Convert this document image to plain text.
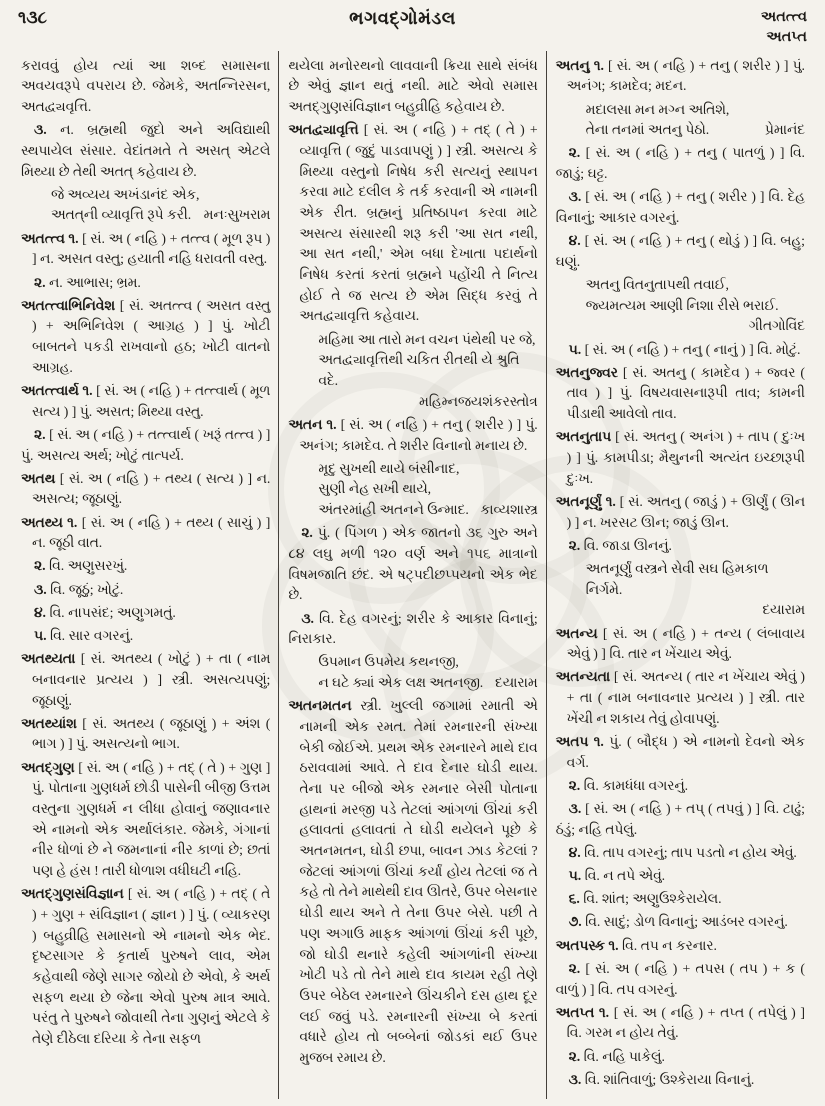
૧૩૮	ભગવદ્ગોમંડલ	અતત્ત્વ
અતપ્ત

કરાવવું હોય ત્યાં આ શબ્દ સમાસના અવયવરૂપે વપરાય છે. જેમકે, અતન્નિરસન, અતદ્વ્યવૃત્તિ.

૩. ન. બ્રહ્મથી જુદો અને અવિદ્યાથી સ્થપાયેલ સંસાર. વેદાંતમતે તે અસત્ એટલે મિથ્યા છે તેથી અતત્ કહેવાય છે.

જે અવ્યય અખંડાનંદ એક,
અતત્‌ની વ્યાવૃત્તિ રૂપે કરી. મનઃસુખરામ

અતત્ત્વ ૧. [ સં. અ ( નહિ ) + તત્ત્વ ( મૂળ રૂપ ) ] ન. અસત વસ્તુ; હયાતી નહિ ધરાવતી વસ્તુ.

૨. ન. આભાસ; ભ્રમ.

અતત્ત્વાભિનિવેશ [ સં. અતત્ત્વ ( અસત વસ્તુ ) + અભિનિવેશ ( આગ્રહ ) ] પું. ખોટી બાબતને પકડી રાખવાનો હઠ; ખોટી વાતનો આગ્રહ.

અતત્ત્વાર્થ ૧. [ સં. અ ( નહિ ) + તત્ત્વાર્થ ( મૂળ સત્ય ) ] પું. અસત; મિથ્યા વસ્તુ.

૨. [ સં. અ ( નહિ ) + તત્ત્વાર્થ ( ખરૂં તત્ત્વ ) ] પું. અસત્ય અર્થ; ખોટું તાત્પર્ય.

અતથ [ સં. અ ( નહિ ) + તથ્ય ( સત્ય ) ] ન. અસત્ય; જૂઠાણું.

અતથ્ય ૧. [ સં. અ ( નહિ ) + તથ્ય ( સાચું ) ] ન. જૂઠી વાત.

૨. વિ. અણુસરખું.

૩. વિ. જૂઠું; ખોટું.

૪. વિ. નાપસંદ; અણુગમતું.

૫. વિ. સાર વગરનું.

અતથ્યતા [ સં. અતથ્ય ( ખોટું ) + તા ( નામ બનાવનાર પ્રત્યય ) ] સ્ત્રી. અસત્યપણું; જૂઠાણું.

અતથ્યાંશ [ સં. અતથ્ય ( જૂઠાણું ) + અંશ ( ભાગ ) ] પું. અસત્યનો ભાગ.

અતદ્ગુણ [ સં. અ ( નહિ ) + તદ્ ( તે ) + ગુણ ] પું. પોતાના ગુણધર્મ છોડી પાસેની બીજી ઉત્તમ વસ્તુના ગુણધર્મ ન લીધા હોવાનું જણાવનાર એ નામનો એક અર્થાલંકાર. જેમકે, ગંગાનાં નીર ધોળાં છે ને જમનાનાં નીર કાળાં છે; છતાં પણ હે હંસ ! તારી ધોળાશ વધીઘટી નહિ.

અતદ્ગુણસંવિજ્ઞાન [ સં. અ ( નહિ ) + તદ્ ( તે ) + ગુણ + સંવિજ્ઞાન ( જ્ઞાન ) ] પું. ( વ્યાકરણ ) બહુવ્રીહિ સમાસનો એ નામનો એક ભેદ. દૃષ્ટસાગર કે કૃતાર્થ પુરુષને લાવ, એમ કહેવાથી જેણે સાગર જોયો છે એવો, કે અર્થ સફળ થયા છે જેના એવો પુરુષ માત્ર આવે. પરંતુ તે પુરુષને જોવાથી તેના ગુણનું એટલે કે તેણે દીઠેલા દરિયા કે તેના સફળ

થયેલા મનોરથનો લાવવાની ક્રિયા સાથે સંબંધ છે એવું જ્ઞાન થતું નથી. માટે એવો સમાસ અતદ્ગુણસંવિજ્ઞાન બહુવ્રીહિ કહેવાય છે.

અતદ્વ્યાવૃત્તિ [ સં. અ ( નહિ ) + તદ્ ( તે ) + વ્યાવૃત્તિ ( જુદું પાડવાપણું ) ] સ્ત્રી. અસત્ય કે મિથ્યા વસ્તુનો નિષેધ કરી સત્યનું સ્થાપન કરવા માટે દલીલ કે તર્ક કરવાની એ નામની એક રીત. બ્રહ્મનું પ્રતિષ્ઠાપન કરવા માટે અસત્ય સંસારથી શરૂ કરી 'આ સત નથી, આ સત નથી,' એમ બધા દેખાતા પદાર્થનો નિષેધ કરતાં કરતાં બ્રહ્મને પહોંચી તે નિત્ય હોઈ તે જ સત્ય છે એમ સિદ્ધ કરવું તે અતદ્વ્યાવૃત્તિ કહેવાય.

મહિમા આ તારો મન વચન પંથેથી પર જે,
અતદ્વ્યાવૃત્તિથી ચકિત રીતથી યે શ્રુતિ વદે.
મહિમ્નજયશંકરસ્તોત્ર

અતન ૧. [ સં. અ ( નહિ ) + તનુ ( શરીર ) ] પું. અનંગ; કામદેવ. તે શરીર વિનાનો મનાય છે.

મૃદુ સુખથી થાયે બંસીનાદ,
સુણી નેહ સખી થાયે,
અંતરમાંહી અતનને ઉન્માદ. કાવ્યશાસ્ત્ર

૨. પું. ( પિંગળ ) એક જાતનો ૩૬ ગુરુ અને ૮૪ લઘુ મળી ૧૨૦ વર્ણ અને ૧૫૬ માત્રાનો વિષમજાતિ છંદ. એ ષટ્પદીછપ્પયનો એક ભેદ છે.

૩. વિ. દેહ વગરનું; શરીર કે આકાર વિનાનું; નિરાકાર.

ઉપમાન ઉપમેય કથનજી,
ન ઘટે ક્યાં એક લક્ષ અતનજી. દયારામ

અતનમતન સ્ત્રી. ખુલ્લી જગામાં રમાતી એ નામની એક રમત. તેમાં રમનારની સંખ્યા બેકી જોઈએ. પ્રથમ એક રમનારને માથે દાવ ઠરાવવામાં આવે. તે દાવ દેનાર ઘોડી થાય. તેના પર બીજો એક રમનાર બેસી પોતાના હાથનાં મરજી પડે તેટલાં આંગળાં ઊંચાં કરી હલાવતાં હલાવતાં તે ઘોડી થયેલને પૂછે કે અતનમતન, ઘોડી છપા, બાવન ઝાડ કેટલાં ? જેટલાં આંગળાં ઊંચાં કર્યાં હોય તેટલાં જ તે કહે તો તેને માથેથી દાવ ઊતરે, ઉપર બેસનાર ઘોડી થાય અને તે તેના ઉપર બેસે. પછી તે પણ અગાઉ માફક આંગળાં ઊંચાં કરી પૂછે, જો ઘોડી થનારે કહેલી આંગળાંની સંખ્યા ખોટી પડે તો તેને માથે દાવ કાયમ રહી તેણે ઉપર બેઠેલ રમનારને ઊંચકીને દસ હાથ દૂર લઈ જવું પડે. રમનારની સંખ્યા બે કરતાં વધારે હોય તો બબ્બેનાં જોડકાં થઈ ઉપર મુજબ રમાય છે.

અતનુ ૧. [ સં. અ ( નહિ ) + તનુ ( શરીર ) ] પું. અનંગ; કામદેવ; મદન.

મદાલસા મન મગ્ન અતિશે,
તેના તનમાં અતનુ પેઠો.	પ્રેમાનંદ

૨. [ સં. અ ( નહિ ) + તનુ ( પાતળું ) ] વિ. જાડું; ઘટ્ટ.

૩. [ સં. અ ( નહિ ) + તનુ ( શરીર ) ] વિ. દેહ વિનાનું; આકાર વગરનું.

૪. [ સં. અ ( નહિ ) + તનુ ( થોડું ) ] વિ. બહુ; ઘણું.

અતનુ વિતનુતાપથી તવાઈ,
જ્યમત્યમ આણી નિશા રીસે ભરાઈ.
ગીતગોવિંદ

૫. [ સં. અ ( નહિ ) + તનુ ( નાનું ) ] વિ. મોટું.

અતનુજ્વર [ સં. અતનુ ( કામદેવ ) + જ્વર ( તાવ ) ] પું. વિષયવાસનારૂપી તાવ; કામની પીડાથી આવેલો તાવ.

અતનુતાપ [ સં. અતનુ ( અનંગ ) + તાપ ( દુઃખ ) ] પું. કામપીડા; મૈથુનની અત્યંત ઇચ્છારૂપી દુઃખ.

અતનૂર્ણું ૧. [ સં. અતનુ ( જાડું ) + ઊર્ણું ( ઊન ) ] ન. ખરસટ ઊન; જાડું ઊન.

૨. વિ. જાડા ઊનનું.

અતનૂર્ણું વસ્ત્રને સેવી સઘ હિમકાળ નિર્ગમે.
દયારામ

અતન્ય [ સં. અ ( નહિ ) + તન્ય ( લંબાવાય એવું ) ] વિ. તાર ન ખેંચાય એવું.

અતન્યતા [ સં. અતન્ય ( તાર ન ખેંચાય એવું ) + તા ( નામ બનાવનાર પ્રત્યય ) ] સ્ત્રી. તાર ખેંચી ન શકાય તેવું હોવાપણું.

અતપ ૧. પું. ( બૌદ્ધ ) એ નામનો દેવનો એક વર્ગ.

૨. વિ. કામધંધા વગરનું.

૩. [ સં. અ ( નહિ ) + તપ્ ( તપવું ) ] વિ. ટાઢું; ઠંડું; નહિ તપેલું.

૪. વિ. તાપ વગરનું; તાપ પડતો ન હોય એવું.

૫. વિ. ન તપે એવું.

૬. વિ. શાંત; અણુઉશ્કેરાયેલ.

૭. વિ. સાદું; ડોળ વિનાનું; આડંબર વગરનું.

અતપસ્ક ૧. વિ. તપ ન કરનાર.

૨. [ સં. અ ( નહિ ) + તપસ ( તપ ) + ક ( વાળું ) ] વિ. તપ વગરનું.

અતપ્ત ૧. [ સં. અ ( નહિ ) + તપ્ત ( તપેલું ) ] વિ. ગરમ ન હોય તેવું.

૨. વિ. નહિ પાકેલું.

૩. વિ. શાંતિવાળું; ઉશ્કેરાયા વિનાનું.
